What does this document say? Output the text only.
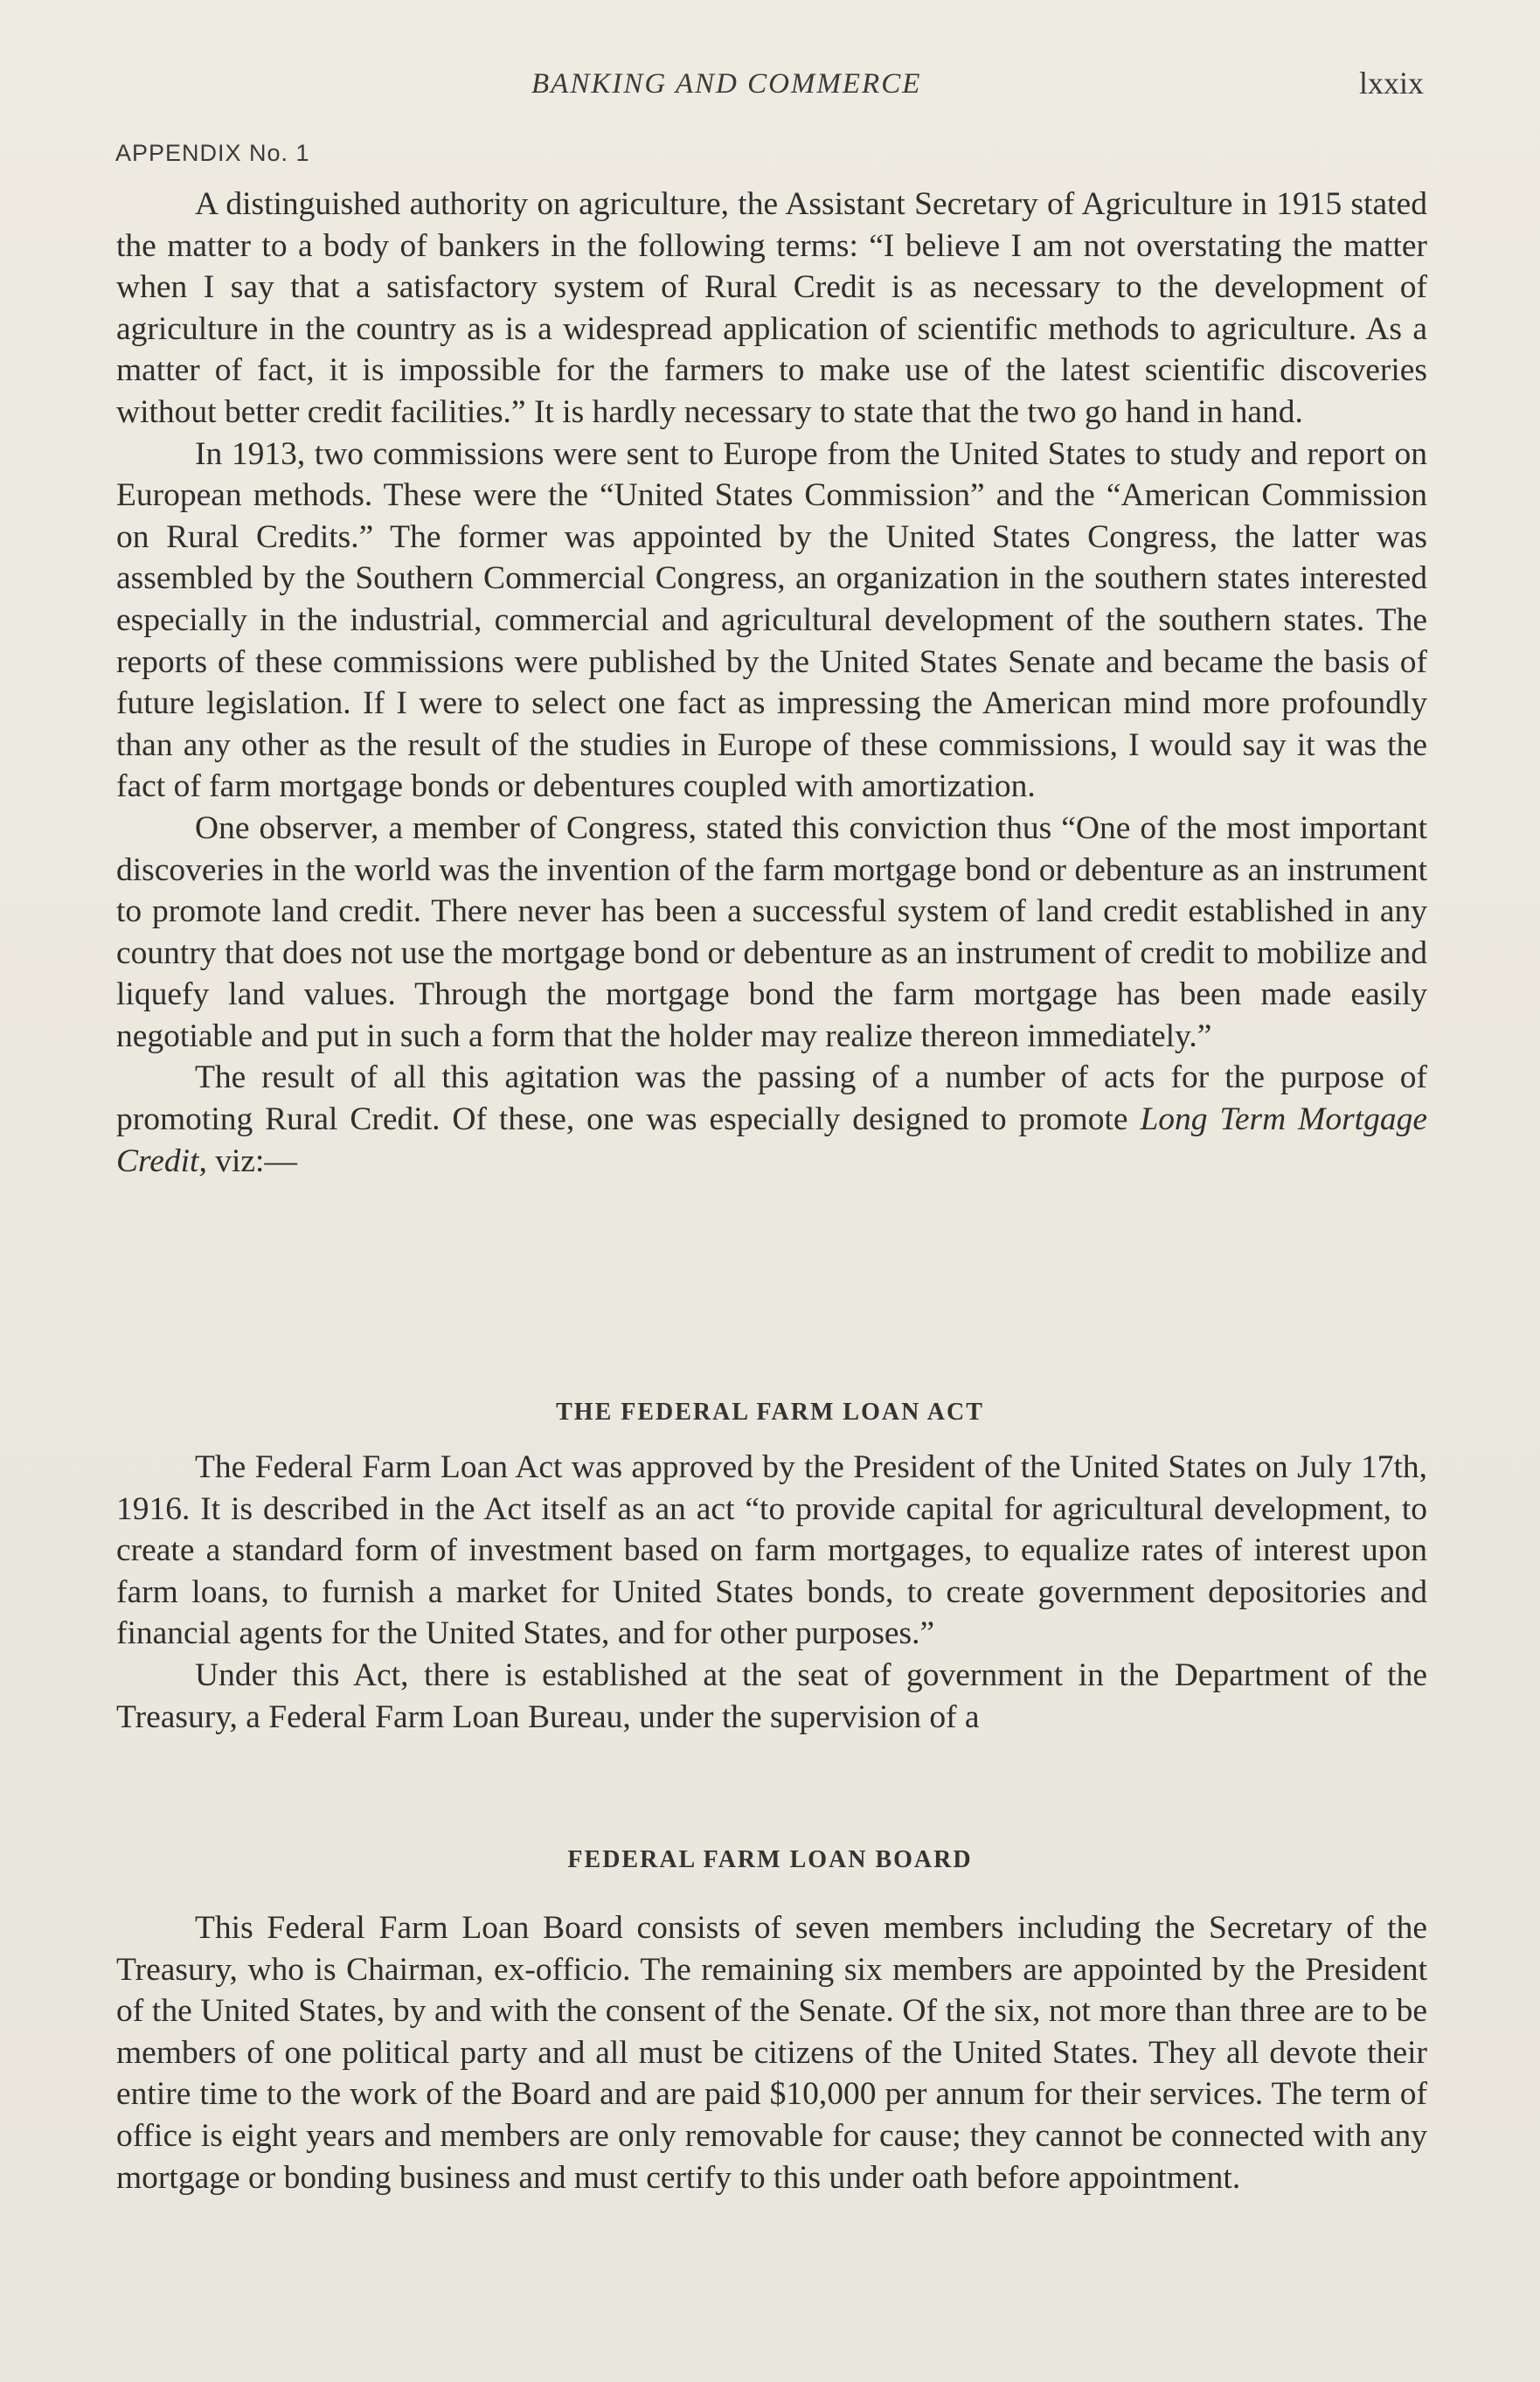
BANKING AND COMMERCE	lxxix
APPENDIX No. 1

A distinguished authority on agriculture, the Assistant Secretary of Agriculture in 1915 stated the matter to a body of bankers in the following terms: “I believe I am not overstating the matter when I say that a satisfactory system of Rural Credit is as necessary to the development of agriculture in the country as is a widespread application of scientific methods to agriculture. As a matter of fact, it is impossible for the farmers to make use of the latest scientific discoveries without better credit facilities.” It is hardly necessary to state that the two go hand in hand.

In 1913, two commissions were sent to Europe from the United States to study and report on European methods. These were the “United States Commission” and the “American Commission on Rural Credits.” The former was appointed by the United States Congress, the latter was assembled by the Southern Commercial Congress, an organization in the southern states interested especially in the industrial, commercial and agricultural development of the southern states. The reports of these commissions were published by the United States Senate and became the basis of future legislation. If I were to select one fact as impressing the American mind more profoundly than any other as the result of the studies in Europe of these commissions, I would say it was the fact of farm mortgage bonds or debentures coupled with amortization.

One observer, a member of Congress, stated this conviction thus “One of the most important discoveries in the world was the invention of the farm mortgage bond or debenture as an instrument to promote land credit. There never has been a successful system of land credit established in any country that does not use the mortgage bond or debenture as an instrument of credit to mobilize and liquefy land values. Through the mortgage bond the farm mortgage has been made easily negotiable and put in such a form that the holder may realize thereon immediately.”

The result of all this agitation was the passing of a number of acts for the purpose of promoting Rural Credit. Of these, one was especially designed to promote Long Term Mortgage Credit, viz:—

THE FEDERAL FARM LOAN ACT

The Federal Farm Loan Act was approved by the President of the United States on July 17th, 1916. It is described in the Act itself as an act “to provide capital for agricultural development, to create a standard form of investment based on farm mortgages, to equalize rates of interest upon farm loans, to furnish a market for United States bonds, to create government depositories and financial agents for the United States, and for other purposes.”

Under this Act, there is established at the seat of government in the Department of the Treasury, a Federal Farm Loan Bureau, under the supervision of a

FEDERAL FARM LOAN BOARD

This Federal Farm Loan Board consists of seven members including the Secretary of the Treasury, who is Chairman, ex-officio. The remaining six members are appointed by the President of the United States, by and with the consent of the Senate. Of the six, not more than three are to be members of one political party and all must be citizens of the United States. They all devote their entire time to the work of the Board and are paid $10,000 per annum for their services. The term of office is eight years and members are only removable for cause; they cannot be connected with any mortgage or bonding business and must certify to this under oath before appointment.
